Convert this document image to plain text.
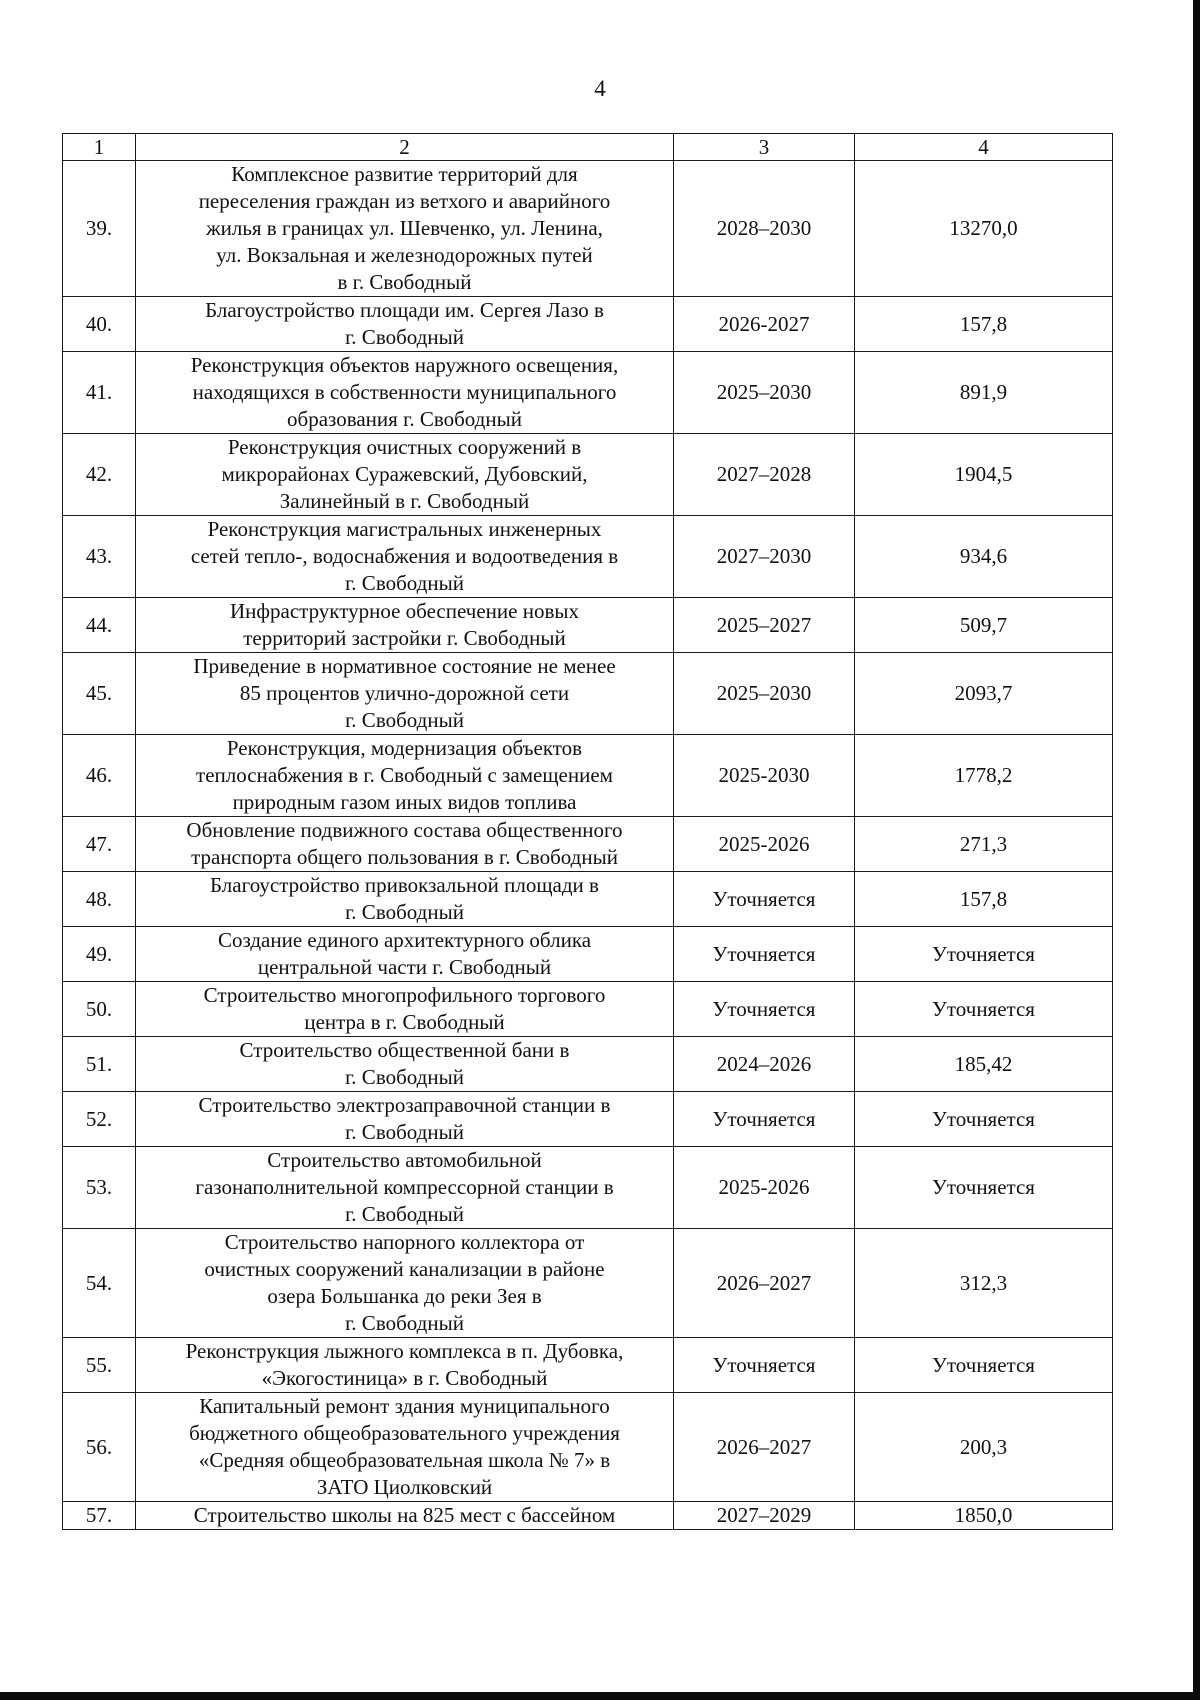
4
1	2	3	4
39.	Комплексное развитие территорий для
переселения граждан из ветхого и аварийного
жилья в границах ул. Шевченко, ул. Ленина,
ул. Вокзальная и железнодорожных путей
в г. Свободный	2028–2030	13270,0
40.	Благоустройство площади им. Сергея Лазо в
г. Свободный	2026-2027	157,8
41.	Реконструкция объектов наружного освещения,
находящихся в собственности муниципального
образования г. Свободный	2025–2030	891,9
42.	Реконструкция очистных сооружений в
микрорайонах Суражевский, Дубовский,
Залинейный в г. Свободный	2027–2028	1904,5
43.	Реконструкция магистральных инженерных
сетей тепло-, водоснабжения и водоотведения в
г. Свободный	2027–2030	934,6
44.	Инфраструктурное обеспечение новых
территорий застройки г. Свободный	2025–2027	509,7
45.	Приведение в нормативное состояние не менее
85 процентов улично-дорожной сети
г. Свободный	2025–2030	2093,7
46.	Реконструкция, модернизация объектов
теплоснабжения в г. Свободный с замещением
природным газом иных видов топлива	2025-2030	1778,2
47.	Обновление подвижного состава общественного
транспорта общего пользования в г. Свободный	2025-2026	271,3
48.	Благоустройство привокзальной площади в
г. Свободный	Уточняется	157,8
49.	Создание единого архитектурного облика
центральной части г. Свободный	Уточняется	Уточняется
50.	Строительство многопрофильного торгового
центра в г. Свободный	Уточняется	Уточняется
51.	Строительство общественной бани в
г. Свободный	2024–2026	185,42
52.	Строительство электрозаправочной станции в
г. Свободный	Уточняется	Уточняется
53.	Строительство автомобильной
газонаполнительной компрессорной станции в
г. Свободный	2025-2026	Уточняется
54.	Строительство напорного коллектора от
очистных сооружений канализации в районе
озера Большанка до реки Зея в
г. Свободный	2026–2027	312,3
55.	Реконструкция лыжного комплекса в п. Дубовка,
«Экогостиница» в г. Свободный	Уточняется	Уточняется
56.	Капитальный ремонт здания муниципального
бюджетного общеобразовательного учреждения
«Средняя общеобразовательная школа № 7» в
ЗАТО Циолковский	2026–2027	200,3
57.	Строительство школы на 825 мест с бассейном	2027–2029	1850,0
